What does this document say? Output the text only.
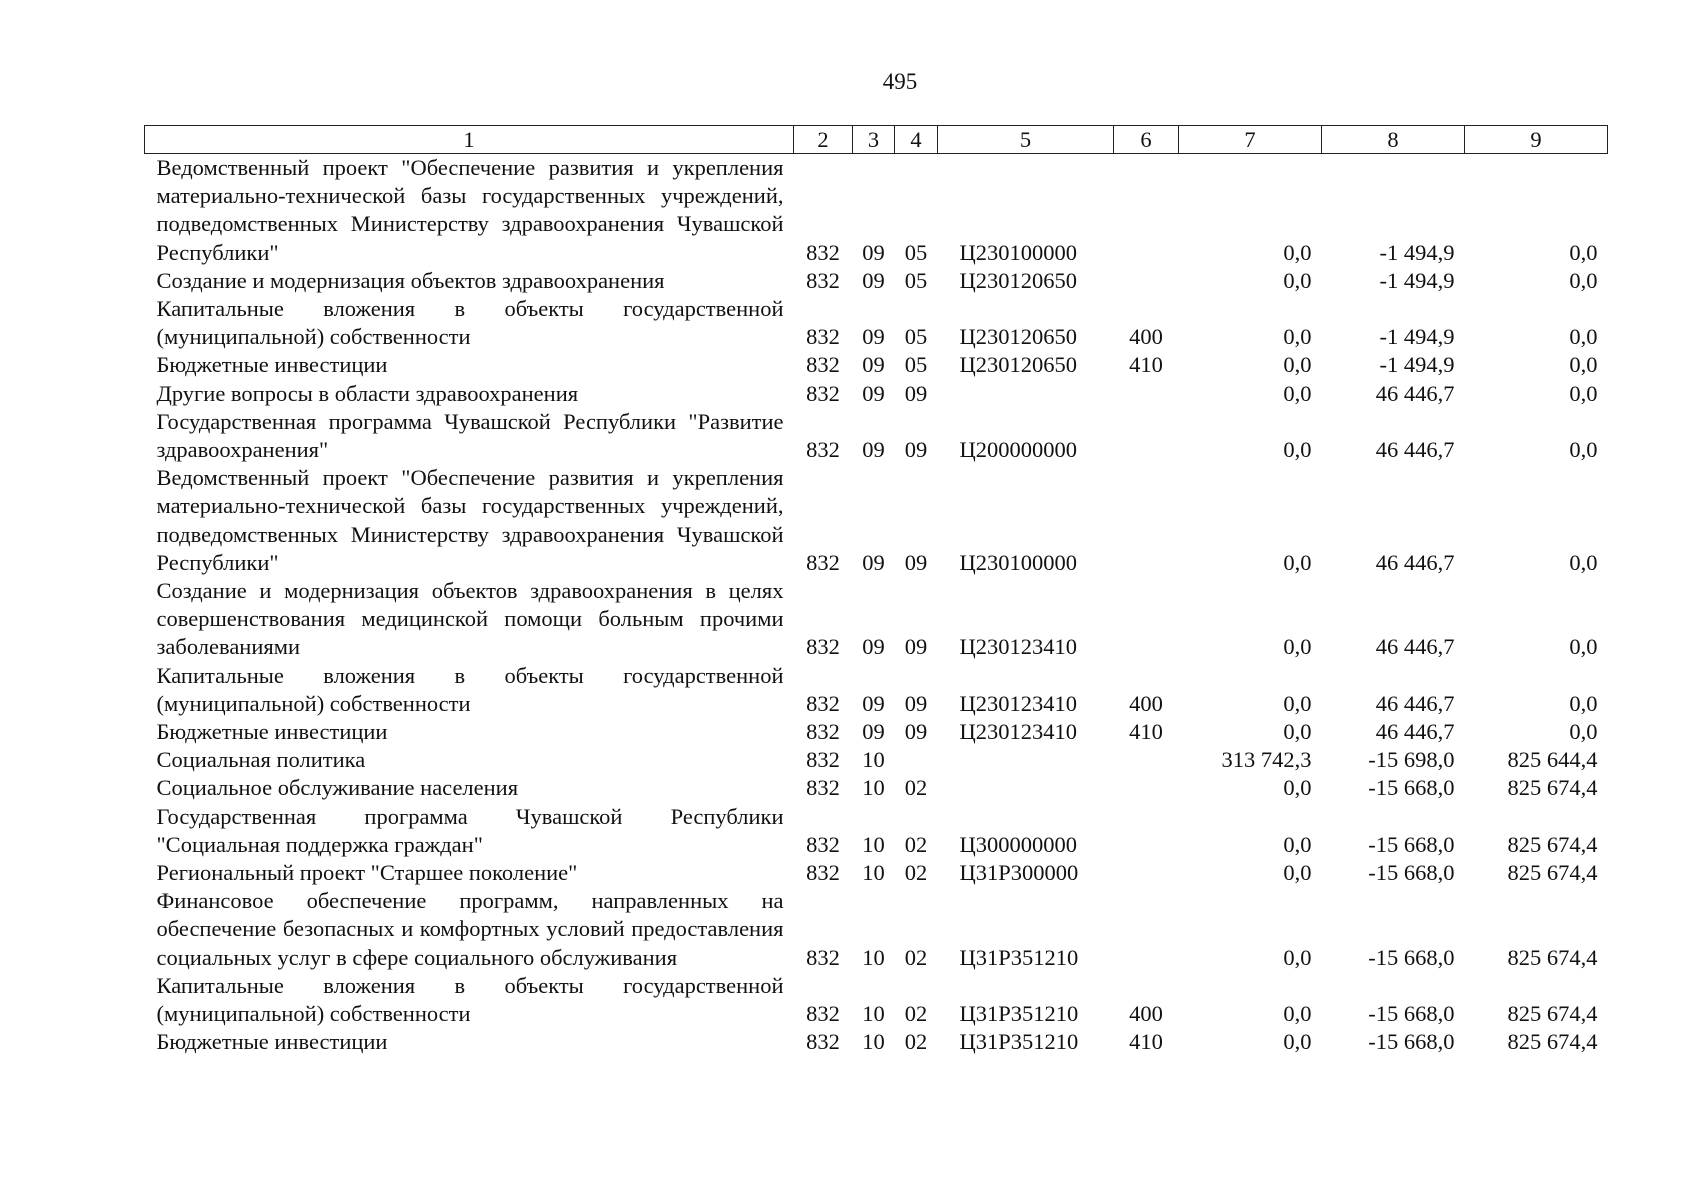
495
1	2	3	4	5	6	7	8	9
Ведомственный проект "Обеспечение развития и укрепления материально-технической базы государственных учреждений, подведомственных Министерству здравоохранения Чувашской Республики"	832	09	05	Ц230100000		0,0	-1 494,9	0,0
Создание и модернизация объектов здравоохранения	832	09	05	Ц230120650		0,0	-1 494,9	0,0
Капитальные вложения в объекты государственной (муниципальной) собственности	832	09	05	Ц230120650	400	0,0	-1 494,9	0,0
Бюджетные инвестиции	832	09	05	Ц230120650	410	0,0	-1 494,9	0,0
Другие вопросы в области здравоохранения	832	09	09			0,0	46 446,7	0,0
Государственная программа Чувашской Республики "Развитие здравоохранения"	832	09	09	Ц200000000		0,0	46 446,7	0,0
Ведомственный проект "Обеспечение развития и укрепления материально-технической базы государственных учреждений, подведомственных Министерству здравоохранения Чувашской Республики"	832	09	09	Ц230100000		0,0	46 446,7	0,0
Создание и модернизация объектов здравоохранения в целях совершенствования медицинской помощи больным прочими заболеваниями	832	09	09	Ц230123410		0,0	46 446,7	0,0
Капитальные вложения в объекты государственной (муниципальной) собственности	832	09	09	Ц230123410	400	0,0	46 446,7	0,0
Бюджетные инвестиции	832	09	09	Ц230123410	410	0,0	46 446,7	0,0
Социальная политика	832	10				313 742,3	-15 698,0	825 644,4
Социальное обслуживание населения	832	10	02			0,0	-15 668,0	825 674,4
Государственная программа Чувашской Республики "Социальная поддержка граждан"	832	10	02	Ц300000000		0,0	-15 668,0	825 674,4
Региональный проект "Старшее поколение"	832	10	02	Ц31Р300000		0,0	-15 668,0	825 674,4
Финансовое обеспечение программ, направленных на обеспечение безопасных и комфортных условий предоставления социальных услуг в сфере социального обслуживания	832	10	02	Ц31Р351210		0,0	-15 668,0	825 674,4
Капитальные вложения в объекты государственной (муниципальной) собственности	832	10	02	Ц31Р351210	400	0,0	-15 668,0	825 674,4
Бюджетные инвестиции	832	10	02	Ц31Р351210	410	0,0	-15 668,0	825 674,4
